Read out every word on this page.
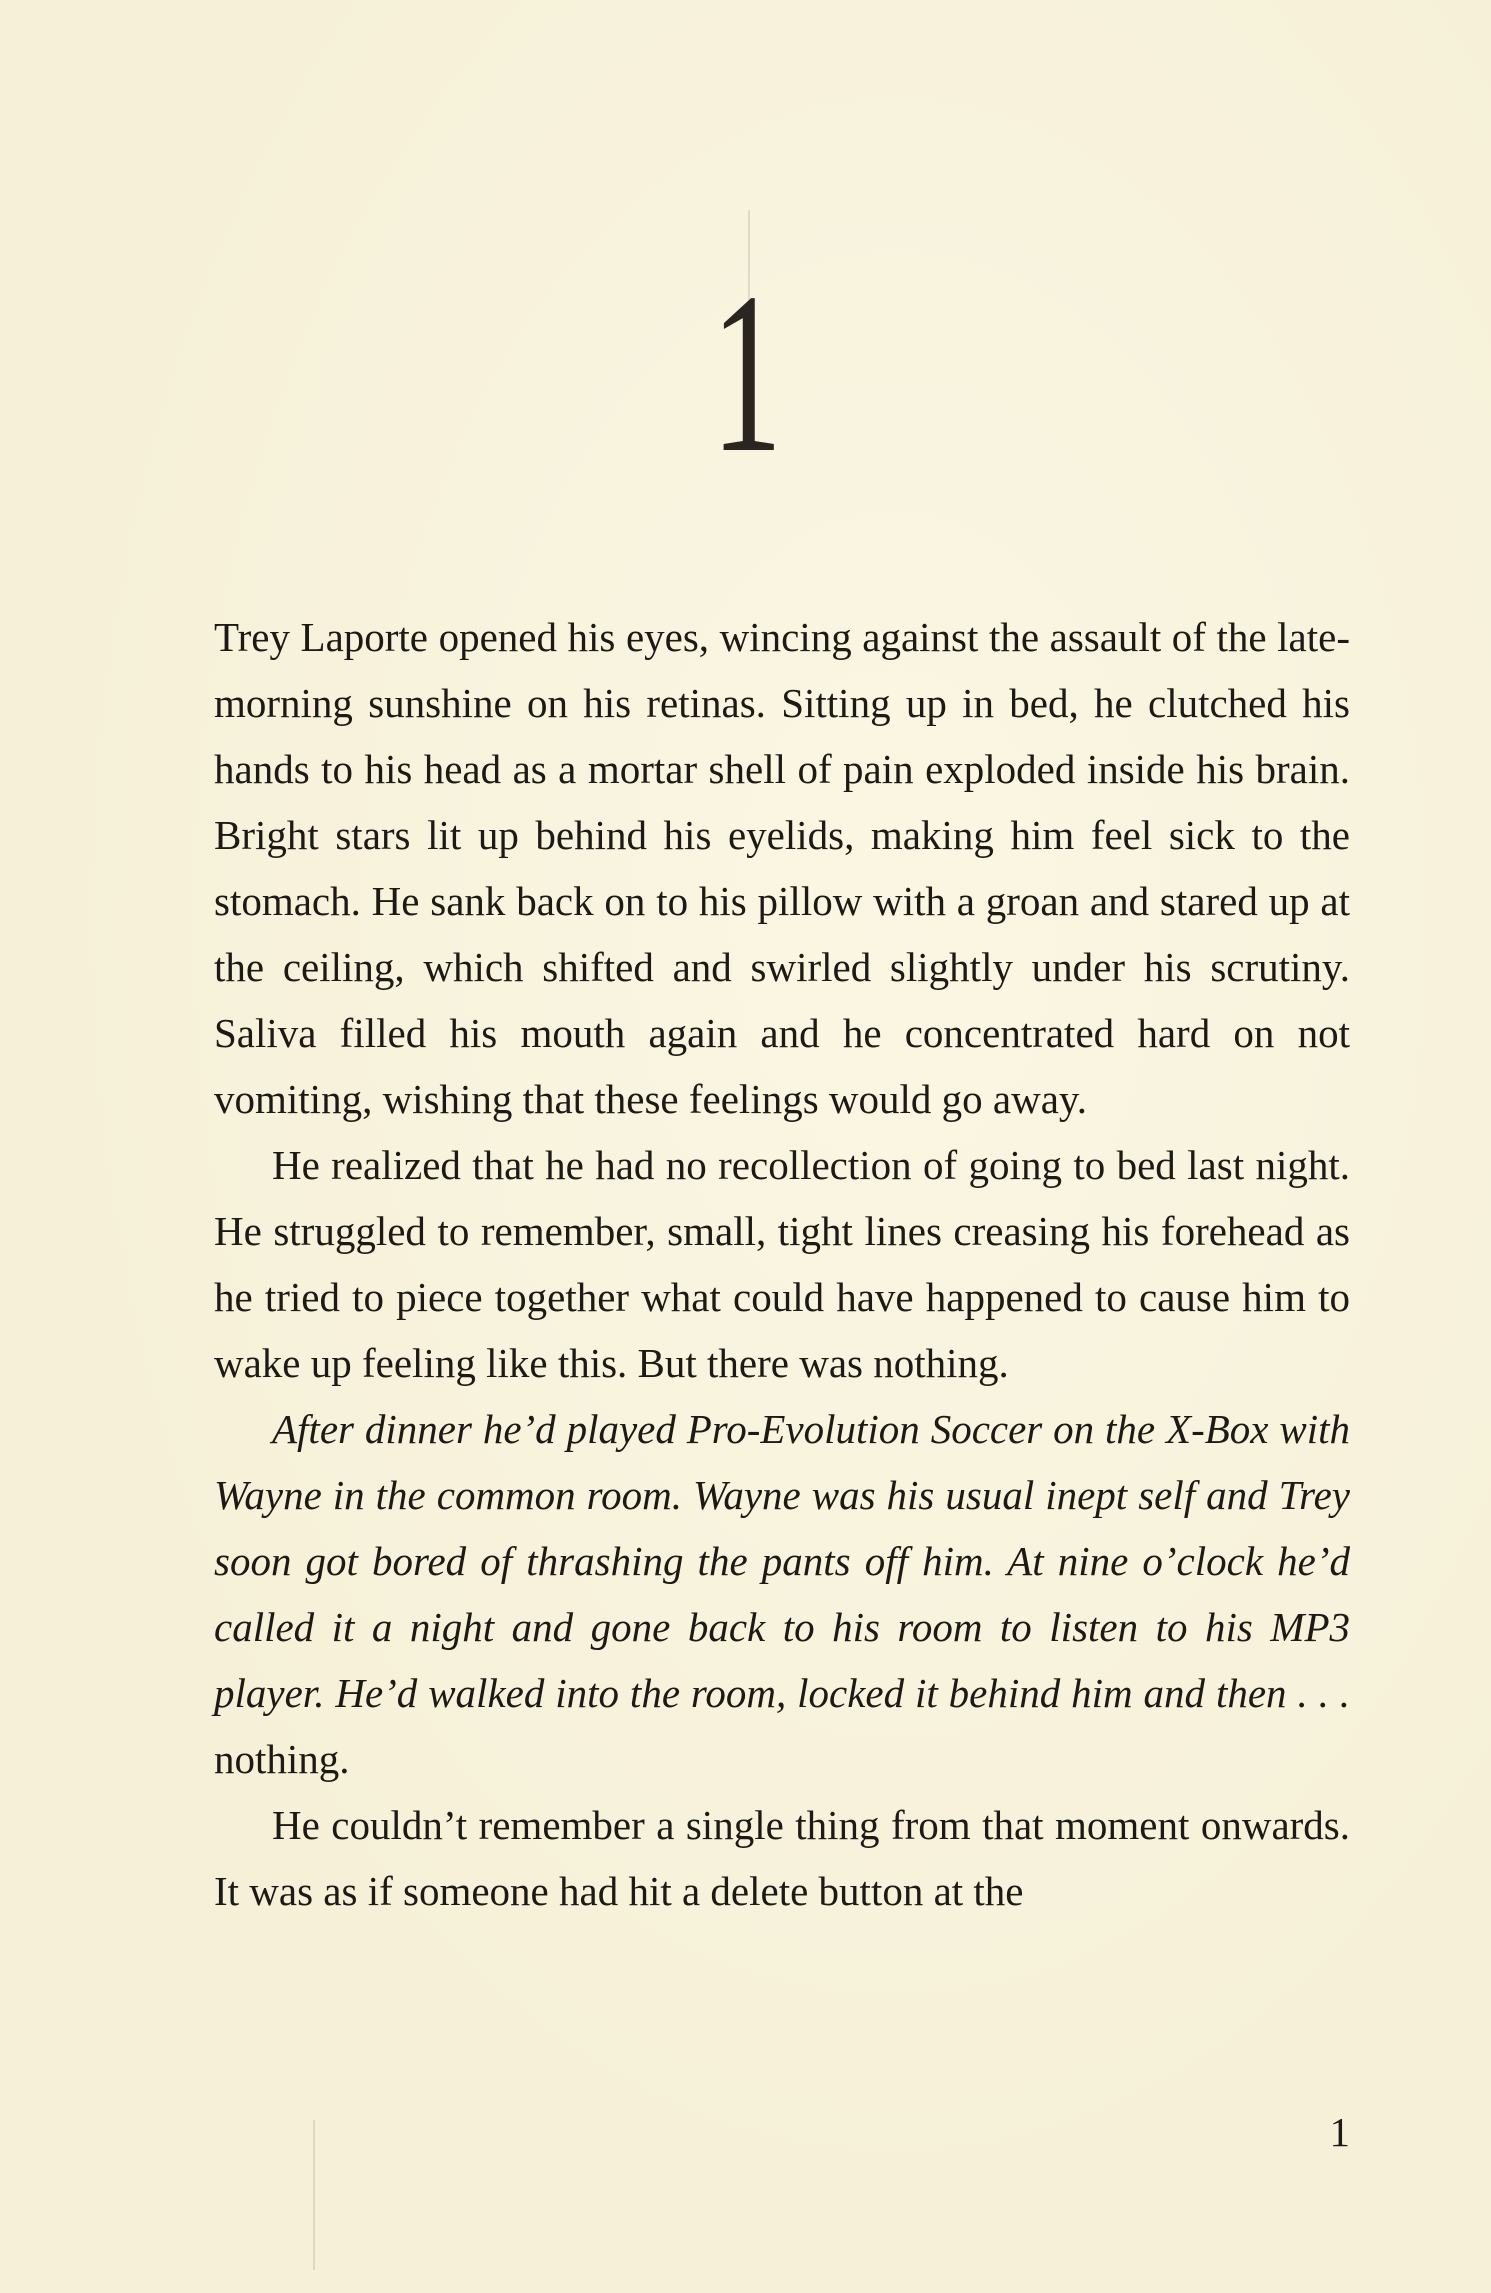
1

Trey Laporte opened his eyes, wincing against the assault of the late-morning sunshine on his retinas. Sitting up in bed, he clutched his hands to his head as a mortar shell of pain exploded inside his brain. Bright stars lit up behind his eyelids, making him feel sick to the stomach. He sank back on to his pillow with a groan and stared up at the ceiling, which shifted and swirled slightly under his scrutiny. Saliva filled his mouth again and he concentrated hard on not vomiting, wishing that these feelings would go away.

He realized that he had no recollection of going to bed last night. He struggled to remember, small, tight lines creasing his forehead as he tried to piece together what could have happened to cause him to wake up feeling like this. But there was nothing.

After dinner he’d played Pro-Evolution Soccer on the X-Box with Wayne in the common room. Wayne was his usual inept self and Trey soon got bored of thrashing the pants off him. At nine o’clock he’d called it a night and gone back to his room to listen to his MP3 player. He’d walked into the room, locked it behind him and then . . . nothing.

He couldn’t remember a single thing from that moment onwards. It was as if someone had hit a delete button at the

1
